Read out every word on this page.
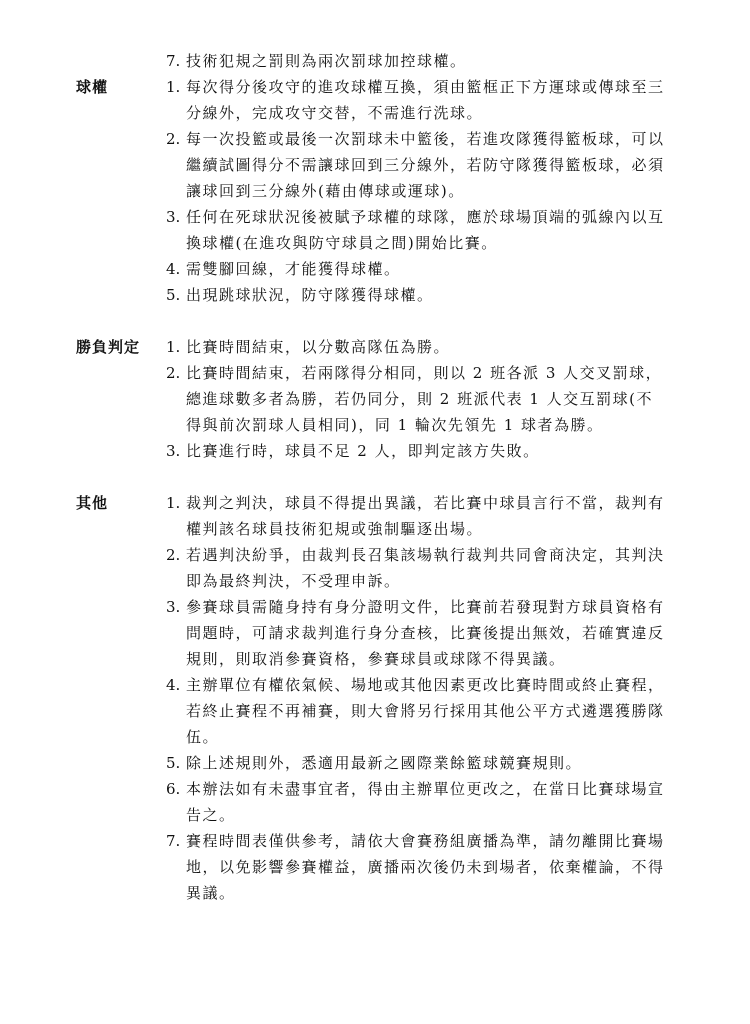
7. 技術犯規之罰則為兩次罰球加控球權。
球權	1. 每次得分後攻守的進攻球權互換，須由籃框正下方運球或傳球至三分線外，完成攻守交替，不需進行洗球。
2. 每一次投籃或最後一次罰球未中籃後，若進攻隊獲得籃板球，可以繼續試圖得分不需讓球回到三分線外，若防守隊獲得籃板球，必須讓球回到三分線外(藉由傳球或運球)。
3. 任何在死球狀況後被賦予球權的球隊，應於球場頂端的弧線內以互換球權(在進攻與防守球員之間)開始比賽。
4. 需雙腳回線，才能獲得球權。
5. 出現跳球狀況，防守隊獲得球權。
勝負判定 1. 比賽時間結束，以分數高隊伍為勝。
2. 比賽時間結束，若兩隊得分相同，則以 2 班各派 3 人交叉罰球，總進球數多者為勝，若仍同分，則 2 班派代表 1 人交互罰球(不得與前次罰球人員相同)，同 1 輪次先領先 1 球者為勝。
3. 比賽進行時，球員不足 2 人，即判定該方失敗。
其他	1. 裁判之判決，球員不得提出異議，若比賽中球員言行不當，裁判有權判該名球員技術犯規或強制驅逐出場。
2. 若遇判決紛爭，由裁判長召集該場執行裁判共同會商決定，其判決即為最終判決，不受理申訴。
3. 參賽球員需隨身持有身分證明文件，比賽前若發現對方球員資格有問題時，可請求裁判進行身分查核，比賽後提出無效，若確實違反規則，則取消參賽資格，參賽球員或球隊不得異議。
4. 主辦單位有權依氣候、場地或其他因素更改比賽時間或終止賽程，若終止賽程不再補賽，則大會將另行採用其他公平方式遴選獲勝隊伍。
5. 除上述規則外，悉適用最新之國際業餘籃球競賽規則。
6. 本辦法如有未盡事宜者，得由主辦單位更改之，在當日比賽球場宣告之。
7. 賽程時間表僅供參考，請依大會賽務組廣播為準，請勿離開比賽場地，以免影響參賽權益，廣播兩次後仍未到場者，依棄權論，不得異議。
